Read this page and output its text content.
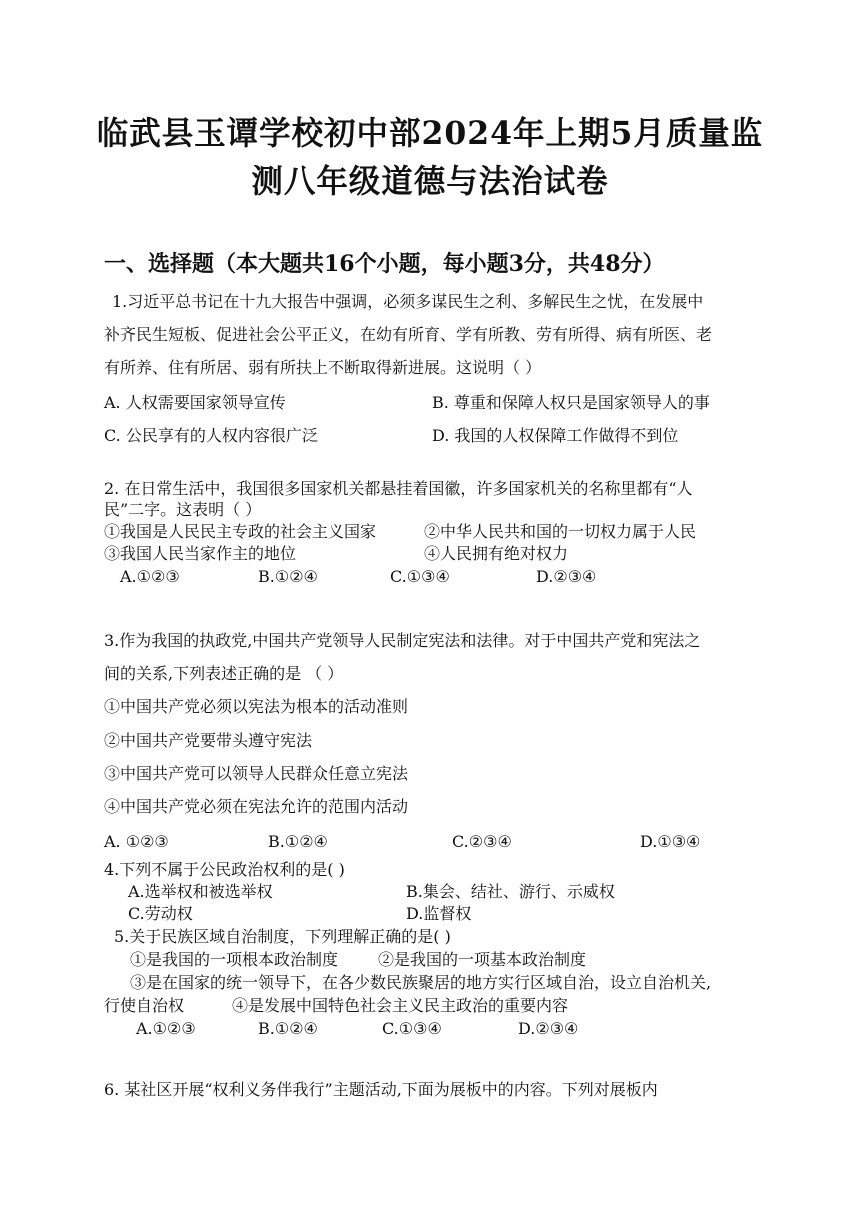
临武县玉谭学校初中部2024年上期5月质量监
测八年级道德与法治试卷
一、选择题（本大题共16个小题，每小题3分，共48分）
1.习近平总书记在十九大报告中强调，必须多谋民生之利、多解民生之忧，在发展中
补齐民生短板、促进社会公平正义，在幼有所育、学有所教、劳有所得、病有所医、老
有所养、住有所居、弱有所扶上不断取得新进展。这说明（ ）
A. 人权需要国家领导宣传	B. 尊重和保障人权只是国家领导人的事
C. 公民享有的人权内容很广泛	D. 我国的人权保障工作做得不到位
2. 在日常生活中，我国很多国家机关都悬挂着国徽，许多国家机关的名称里都有“人
民”二字。这表明（ ）
①我国是人民民主专政的社会主义国家	②中华人民共和国的一切权力属于人民
③我国人民当家作主的地位	④人民拥有绝对权力
A.①②③	B.①②④	C.①③④	D.②③④
3.作为我国的执政党,中国共产党领导人民制定宪法和法律。对于中国共产党和宪法之
间的关系,下列表述正确的是 （ ）
①中国共产党必须以宪法为根本的活动准则
②中国共产党要带头遵守宪法
③中国共产党可以领导人民群众任意立宪法
④中国共产党必须在宪法允许的范围内活动
A. ①②③	B.①②④	C.②③④	D.①③④
4.下列不属于公民政治权利的是( )
A.选举权和被选举权	B.集会、结社、游行、示威权
C.劳动权	D.监督权
5.关于民族区域自治制度，下列理解正确的是( )
①是我国的一项根本政治制度 ②是我国的一项基本政治制度
③是在国家的统一领导下，在各少数民族聚居的地方实行区域自治，设立自治机关,
行使自治权	④是发展中国特色社会主义民主政治的重要内容
A.①②③	B.①②④	C.①③④	D.②③④
6. 某社区开展“权利义务伴我行”主题活动,下面为展板中的内容。下列对展板内
